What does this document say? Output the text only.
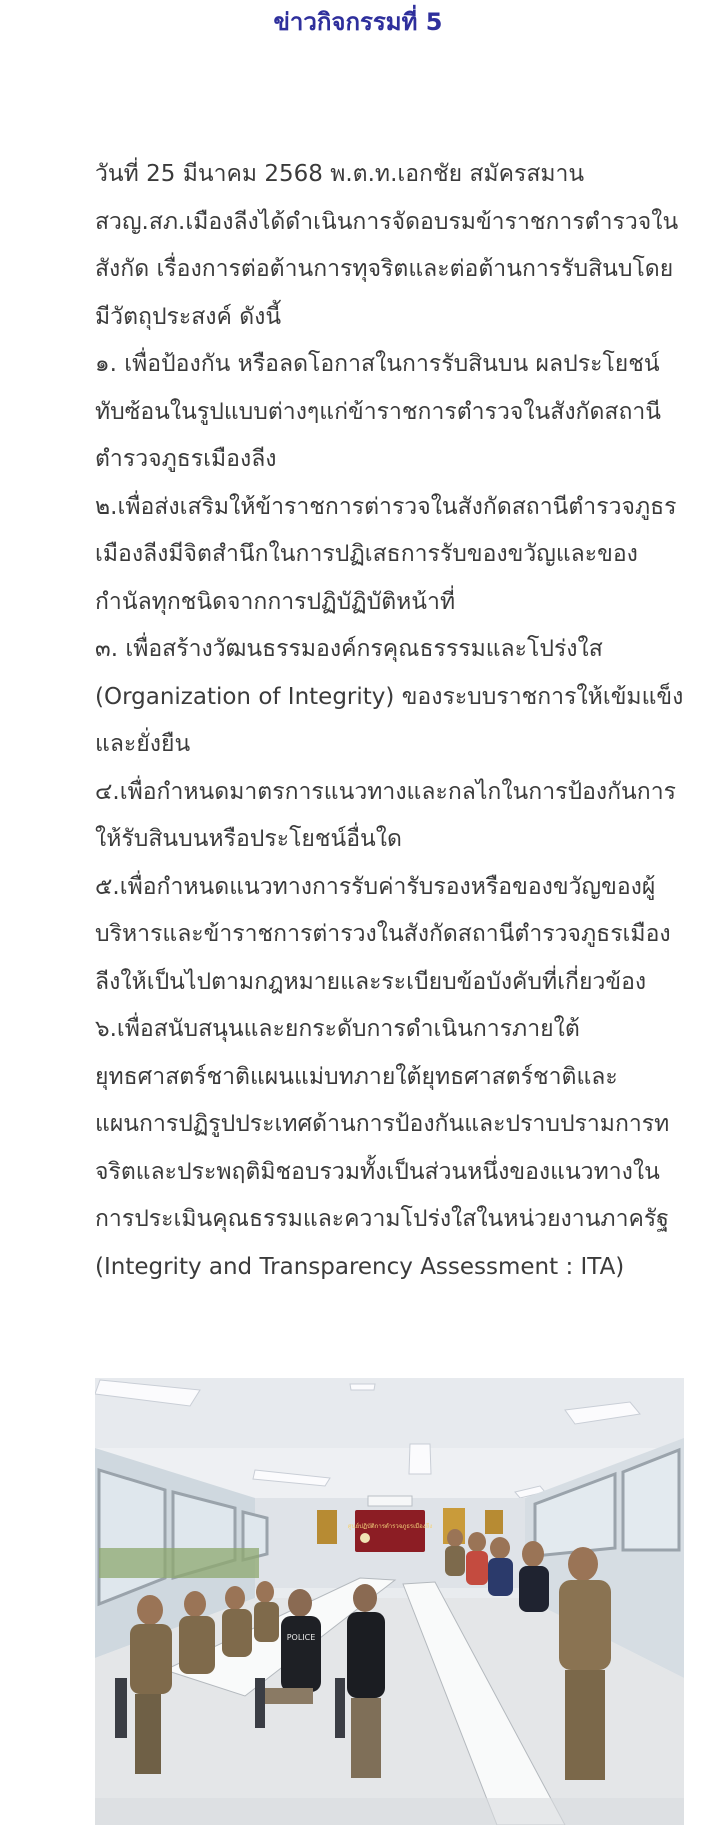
ข่าวกิจกรรมที่ 5

วันที่ 25 มีนาคม 2568 พ.ต.ท.เอกชัย สมัครสมาน สวญ.สภ.เมืองลีงได้ดำเนินการจัดอบรมข้าราชการตำรวจในสังกัด เรื่องการต่อต้านการทุจริตและต่อต้านการรับสินบโดยมีวัตถุประสงค์ ดังนี้

๑. เพื่อป้องกัน หรือลดโอกาสในการรับสินบน ผลประโยชน์ทับซ้อนในรูปแบบต่างๆแก่ข้าราชการตำรวจในสังกัดสถานีตำรวจภูธรเมืองลีง

๒.เพื่อส่งเสริมให้ข้าราชการต่ารวจในสังกัดสถานีตำรวจภูธรเมืองลีงมีจิตสำนึกในการปฏิเสธการรับของขวัญและของกำนัลทุกชนิดจากการปฏิบัฏิบัติหน้าที่

๓. เพื่อสร้างวัฒนธรรมองค์กรคุณธรรรมและโปร่งใส (Organization of Integrity) ของระบบราชการให้เข้มแข็งและยั่งยืน

๔.เพื่อกำหนดมาตรการแนวทางและกลไกในการป้องกันการให้รับสินบนหรือประโยชน์อื่นใด

๕.เพื่อกำหนดแนวทางการรับค่ารับรองหรือของขวัญของผู้บริหารและข้าราชการต่ารวงในสังกัดสถานีตำรวจภูธรเมืองลีงให้เป็นไปตามกฎหมายและระเบียบข้อบังคับที่เกี่ยวข้อง

๖.เพื่อสนับสนุนและยกระดับการดำเนินการภายใต้ยุทธศาสตร์ชาติแผนแม่บทภายใต้ยุทธศาสตร์ชาติและแผนการปฏิรูปประเทศด้านการป้องกันและปราบปรามการทจริตและประพฤติมิชอบรวมทั้งเป็นส่วนหนึ่งของแนวทางในการประเมินคุณธรรมและความโปร่งใสในหน่วยงานภาครัฐ (Integrity and Transparency Assessment : ITA)

ศูนย์ปฏิบัติการตำรวจภูธรเมืองลีง
POLICE
